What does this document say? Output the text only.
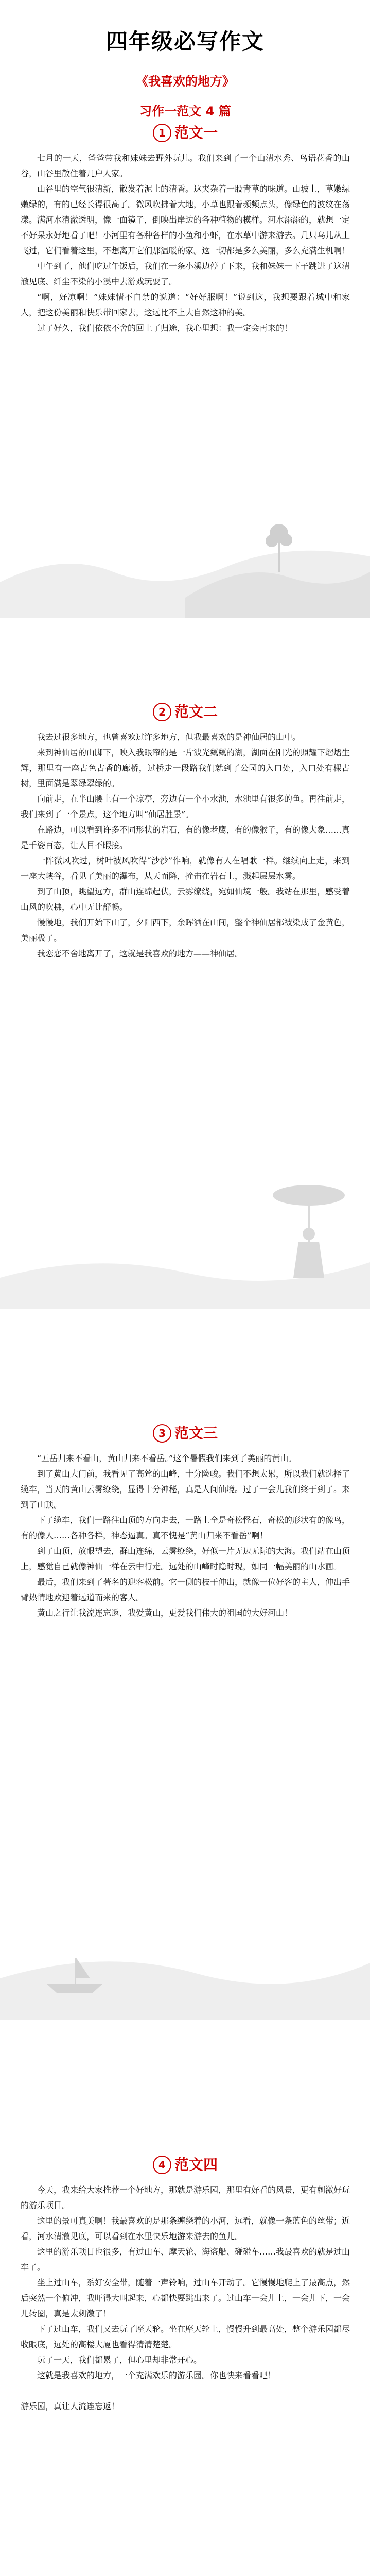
四年级必写作文
《我喜欢的地方》
习作一范文 4 篇
1 范文一

七月的一天，爸爸带我和妹妹去野外玩儿。我们来到了一个山清水秀、鸟语花香的山谷，山谷里散住着几户人家。

山谷里的空气很清新，散发着泥土的清香。这夹杂着一股青草的味道。山坡上，草嫩绿嫩绿的，有的已经长得很高了。微风吹拂着大地，小草也跟着频频点头，像绿色的波纹在荡漾。满河水清澈透明，像一面镜子，倒映出岸边的各种植物的模样。河水添添的，就想一定不好呆永好地看了吧！小河里有各种各样的小鱼和小虾，在水草中游来游去。几只乌儿从上飞过，它们看着这里，不想离开它们那温暖的家。这一切都是多么美丽，多么充满生机啊！

中午到了，他们吃过午饭后，我们在一条小溪边停了下来，我和妹妹一下子跳进了这清澈见底、纤尘不染的小溪中去游戏玩耍了。

“啊，好凉啊！”妹妹情不自禁的说道：“好好服啊！”说到这，我想要跟着城中和家人，把这份美丽和快乐带回家去，这远比不上大自然这种的美。

过了好久，我们依依不舍的回上了归途，我心里想：我一定会再来的！

2 范文二

我去过很多地方，也曾喜欢过许多地方，但我最喜欢的是神仙居的山中。

来到神仙居的山脚下，映入我眼帘的是一片波光粼粼的湖，湖面在阳光的照耀下熠熠生辉，那里有一座古色古香的廊桥，过桥走一段路我们就到了公园的入口处，入口处有棵古树，里面满是翠绿翠绿的。

向前走，在半山腰上有一个凉亭，旁边有一个小水池，水池里有很多的鱼。再往前走，我们来到了一个景点，这个地方叫“仙居胜景”。

在路边，可以看到许多不同形状的岩石，有的像老鹰，有的像猴子，有的像大象……真是千姿百态，让人目不暇接。

一阵微风吹过，树叶被风吹得“沙沙”作响，就像有人在唱歌一样。继续向上走，来到一座大峡谷，看见了美丽的瀑布，从天而降，撞击在岩石上，溅起层层水雾。

到了山顶，眺望远方，群山连绵起伏，云雾缭绕，宛如仙境一般。我站在那里，感受着山风的吹拂，心中无比舒畅。

慢慢地，我们开始下山了，夕阳西下，余晖洒在山间，整个神仙居都被染成了金黄色，美丽极了。

我恋恋不舍地离开了，这就是我喜欢的地方——神仙居。

3 范文三

“五岳归来不看山，黄山归来不看岳。”这个暑假我们来到了美丽的黄山。

到了黄山大门前，我看见了高耸的山峰，十分险峻。我们不想太累，所以我们就选择了缆车，当天的黄山云雾缭绕，显得十分神秘，真是人间仙境。过了一会儿我们终于到了。来到了山顶。

下了缆车，我们一路往山顶的方向走去，一路上全是奇松怪石，奇松的形状有的像鸟，有的像人……各种各样，神态逼真。真不愧是“黄山归来不看岳”啊！

到了山顶，放眼望去，群山连绵，云雾缭绕，好似一片无边无际的大海。我们站在山顶上，感觉自己就像神仙一样在云中行走。远处的山峰时隐时现，如同一幅美丽的山水画。

最后，我们来到了著名的迎客松前。它一侧的枝干伸出，就像一位好客的主人，伸出手臂热情地欢迎着远道而来的客人。

黄山之行让我流连忘返，我爱黄山，更爱我们伟大的祖国的大好河山！

4 范文四

今天，我来给大家推荐一个好地方，那就是游乐园，那里有好看的风景，更有刺激好玩的游乐项目。

这里的景可真美啊！我最喜欢的是那条缠绕着的小河，远看，就像一条蓝色的丝带；近看，河水清澈见底，可以看到在水里快乐地游来游去的鱼儿。

这里的游乐项目也很多，有过山车、摩天轮、海盗船、碰碰车……我最喜欢的就是过山车了。

坐上过山车，系好安全带，随着一声铃响，过山车开动了。它慢慢地爬上了最高点，然后突然一个俯冲，我吓得大叫起来，心都快要跳出来了。过山车一会儿上，一会儿下，一会儿转圈，真是太刺激了！

下了过山车，我们又去玩了摩天轮。坐在摩天轮上，慢慢升到最高处，整个游乐园都尽收眼底，远处的高楼大厦也看得清清楚楚。

玩了一天，我们都累了，但心里却非常开心。

这就是我喜欢的地方，一个充满欢乐的游乐园。你也快来看看吧！

游乐园，真让人流连忘返！
